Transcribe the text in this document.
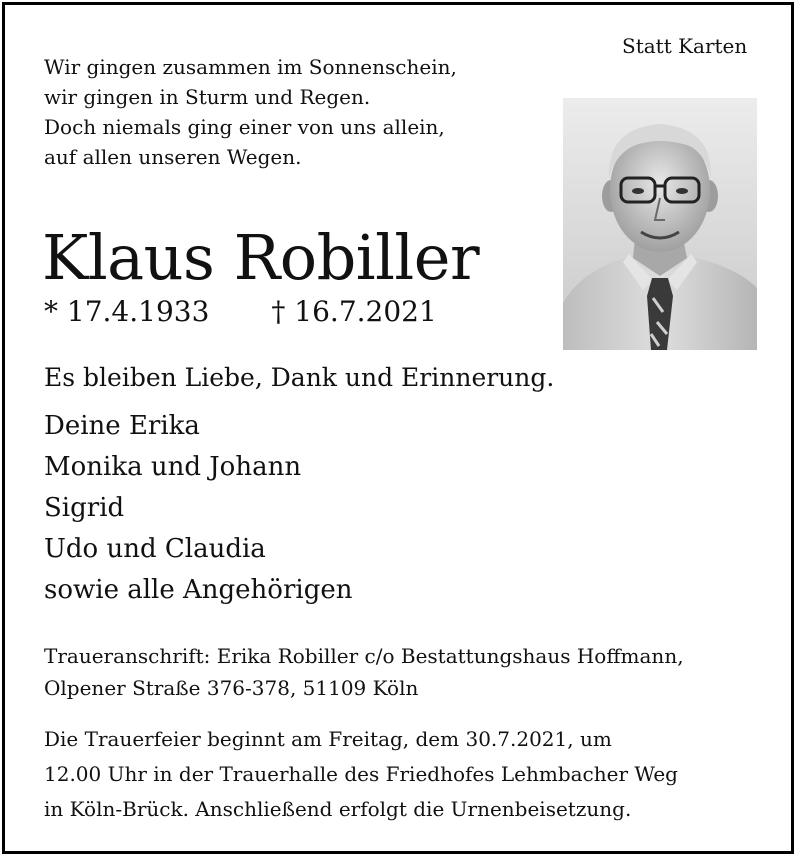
Statt Karten
Wir gingen zusammen im Sonnenschein,
wir gingen in Sturm und Regen.
Doch niemals ging einer von uns allein,
auf allen unseren Wegen.
Klaus Robiller
* 17.4.1933 † 16.7.2021
Es bleiben Liebe, Dank und Erinnerung.
Deine Erika
Monika und Johann
Sigrid
Udo und Claudia
sowie alle Angehörigen
Traueranschrift: Erika Robiller c/o Bestattungshaus Hoffmann,
Olpener Straße 376-378, 51109 Köln
Die Trauerfeier beginnt am Freitag, dem 30.7.2021, um
12.00 Uhr in der Trauerhalle des Friedhofes Lehmbacher Weg
in Köln-Brück. Anschließend erfolgt die Urnenbeisetzung.
